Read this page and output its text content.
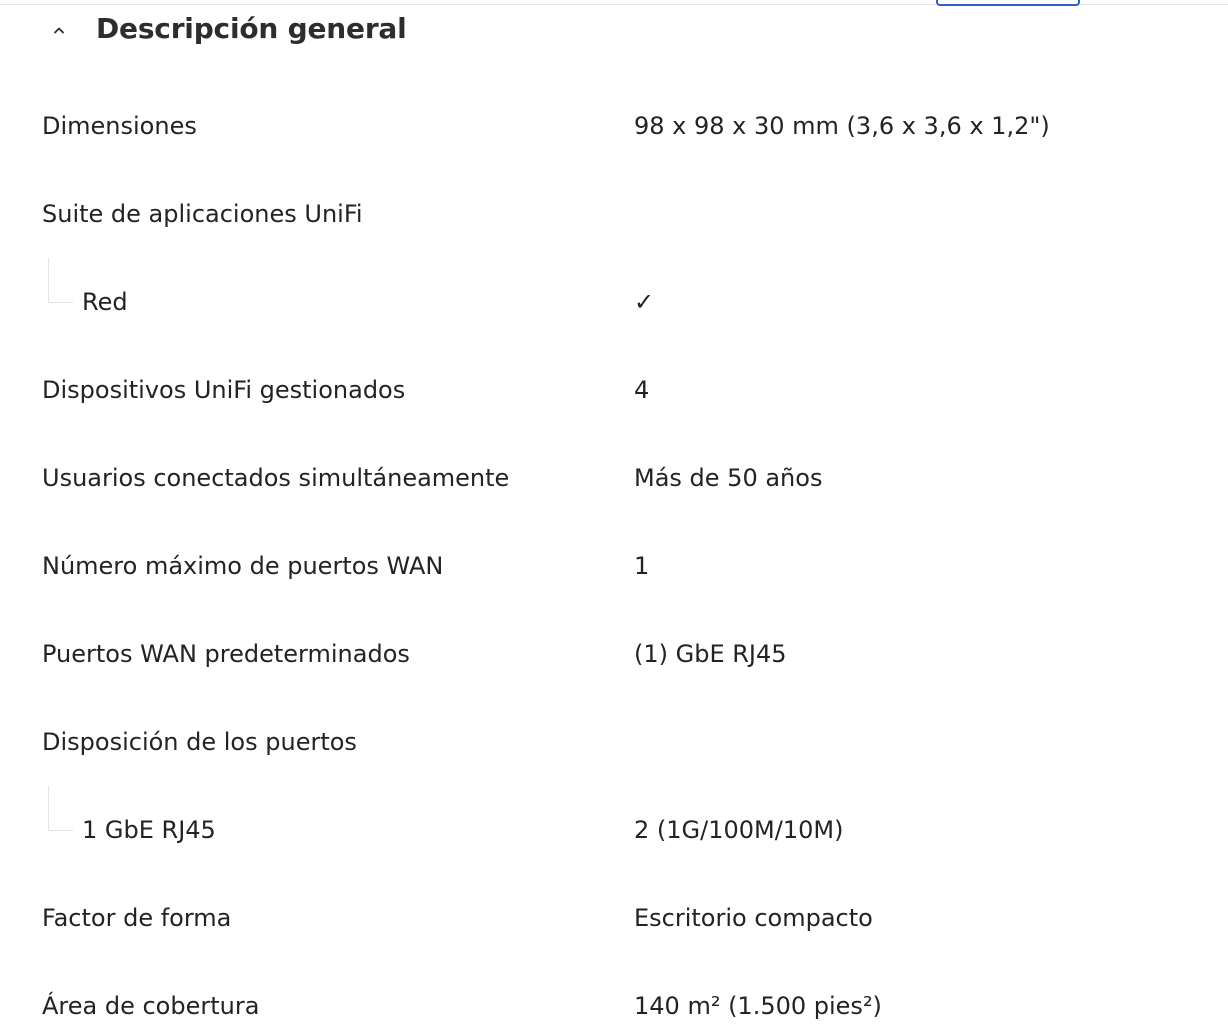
Descripción general
Dimensiones	98 x 98 x 30 mm (3,6 x 3,6 x 1,2")
Suite de aplicaciones UniFi
Red	✓
Dispositivos UniFi gestionados	4
Usuarios conectados simultáneamente	Más de 50 años
Número máximo de puertos WAN	1
Puertos WAN predeterminados	(1) GbE RJ45
Disposición de los puertos
1 GbE RJ45	2 (1G/100M/10M)
Factor de forma	Escritorio compacto
Área de cobertura	140 m² (1.500 pies²)
